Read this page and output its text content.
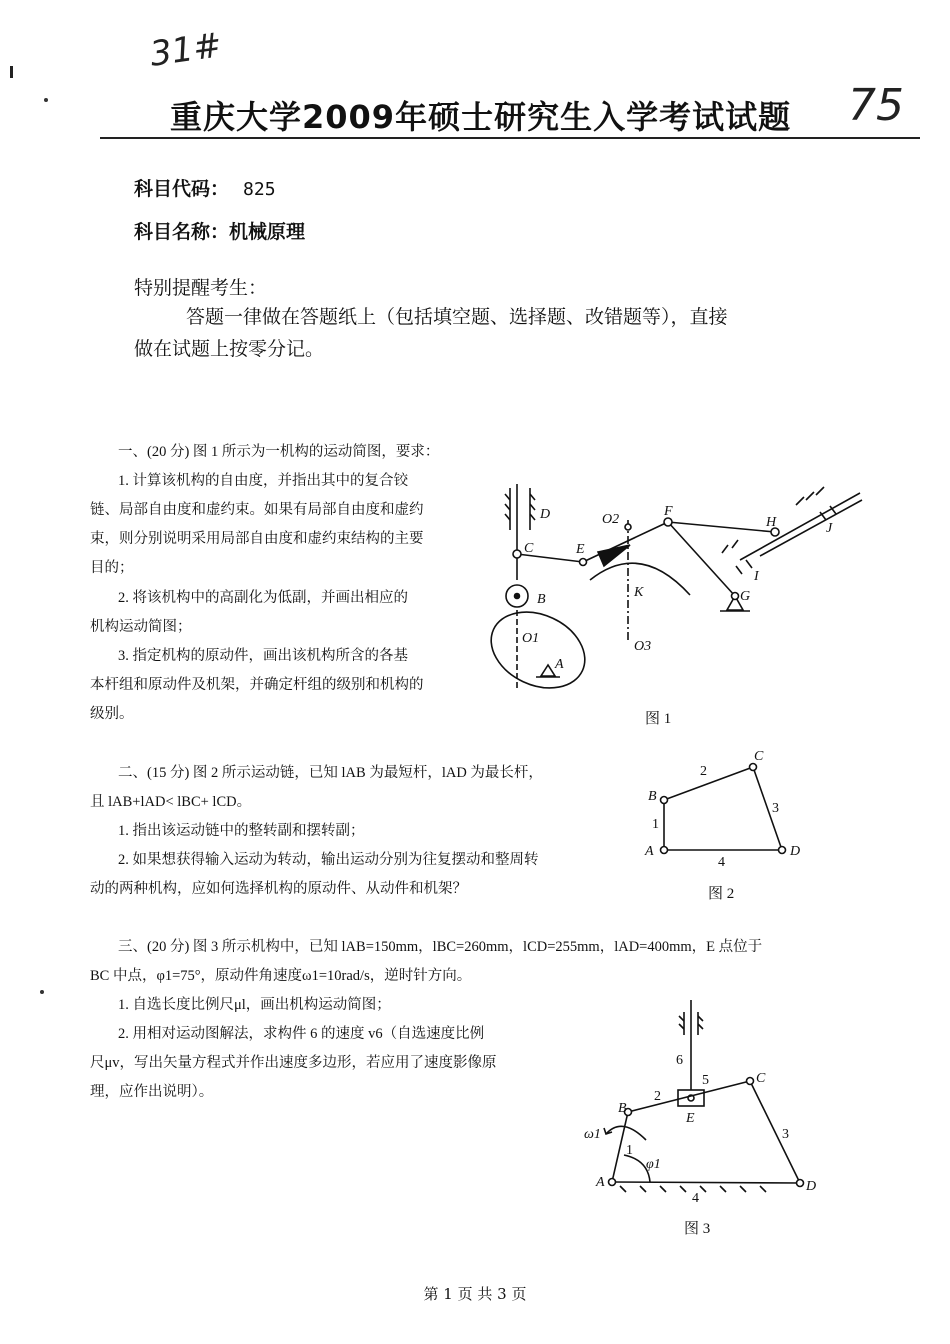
31#
75
重庆大学2009年硕士研究生入学考试试题
科目代码： 825
科目名称：机械原理
特别提醒考生：
答题一律做在答题纸上（包括填空题、选择题、改错题等），直接
做在试题上按零分记。
一、(20 分) 图 1 所示为一机构的运动简图，要求：
1. 计算该机构的自由度，并指出其中的复合铰
链、局部自由度和虚约束。如果有局部自由度和虚约
束，则分别说明采用局部自由度和虚约束结构的主要
目的；
2. 将该机构中的高副化为低副，并画出相应的
机构运动简图；
3. 指定机构的原动件，画出该机构所含的各基
本杆组和原动件及机架，并确定杆组的级别和机构的
级别。
D	O2
F
H	J
C	E
B	K
I
G
O1
A
O3
图 1
二、(15 分) 图 2 所示运动链，已知 lAB 为最短杆，lAD 为最长杆，
且 lAB+lAD< lBC+ lCD。
1. 指出该运动链中的整转副和摆转副；
2. 如果想获得输入运动为转动，输出运动分别为往复摆动和整周转
动的两种机构，应如何选择机构的原动件、从动件和机架？
A
B
C
D
1
2
3
4
图 2
三、(20 分) 图 3 所示机构中，已知 lAB=150mm，lBC=260mm，lCD=255mm，lAD=400mm，E 点位于
BC 中点，φ1=75°，原动件角速度ω1=10rad/s，逆时针方向。
1. 自选长度比例尺μl，画出机构运动简图；
2. 用相对运动图解法，求构件 6 的速度 v6（自选速度比例
尺μv，写出矢量方程式并作出速度多边形，若应用了速度影像原
理，应作出说明）。
6
5	C
2
B
E
ω1	3
1
φ1
A	D
4
图 3
第 1 页 共 3 页
